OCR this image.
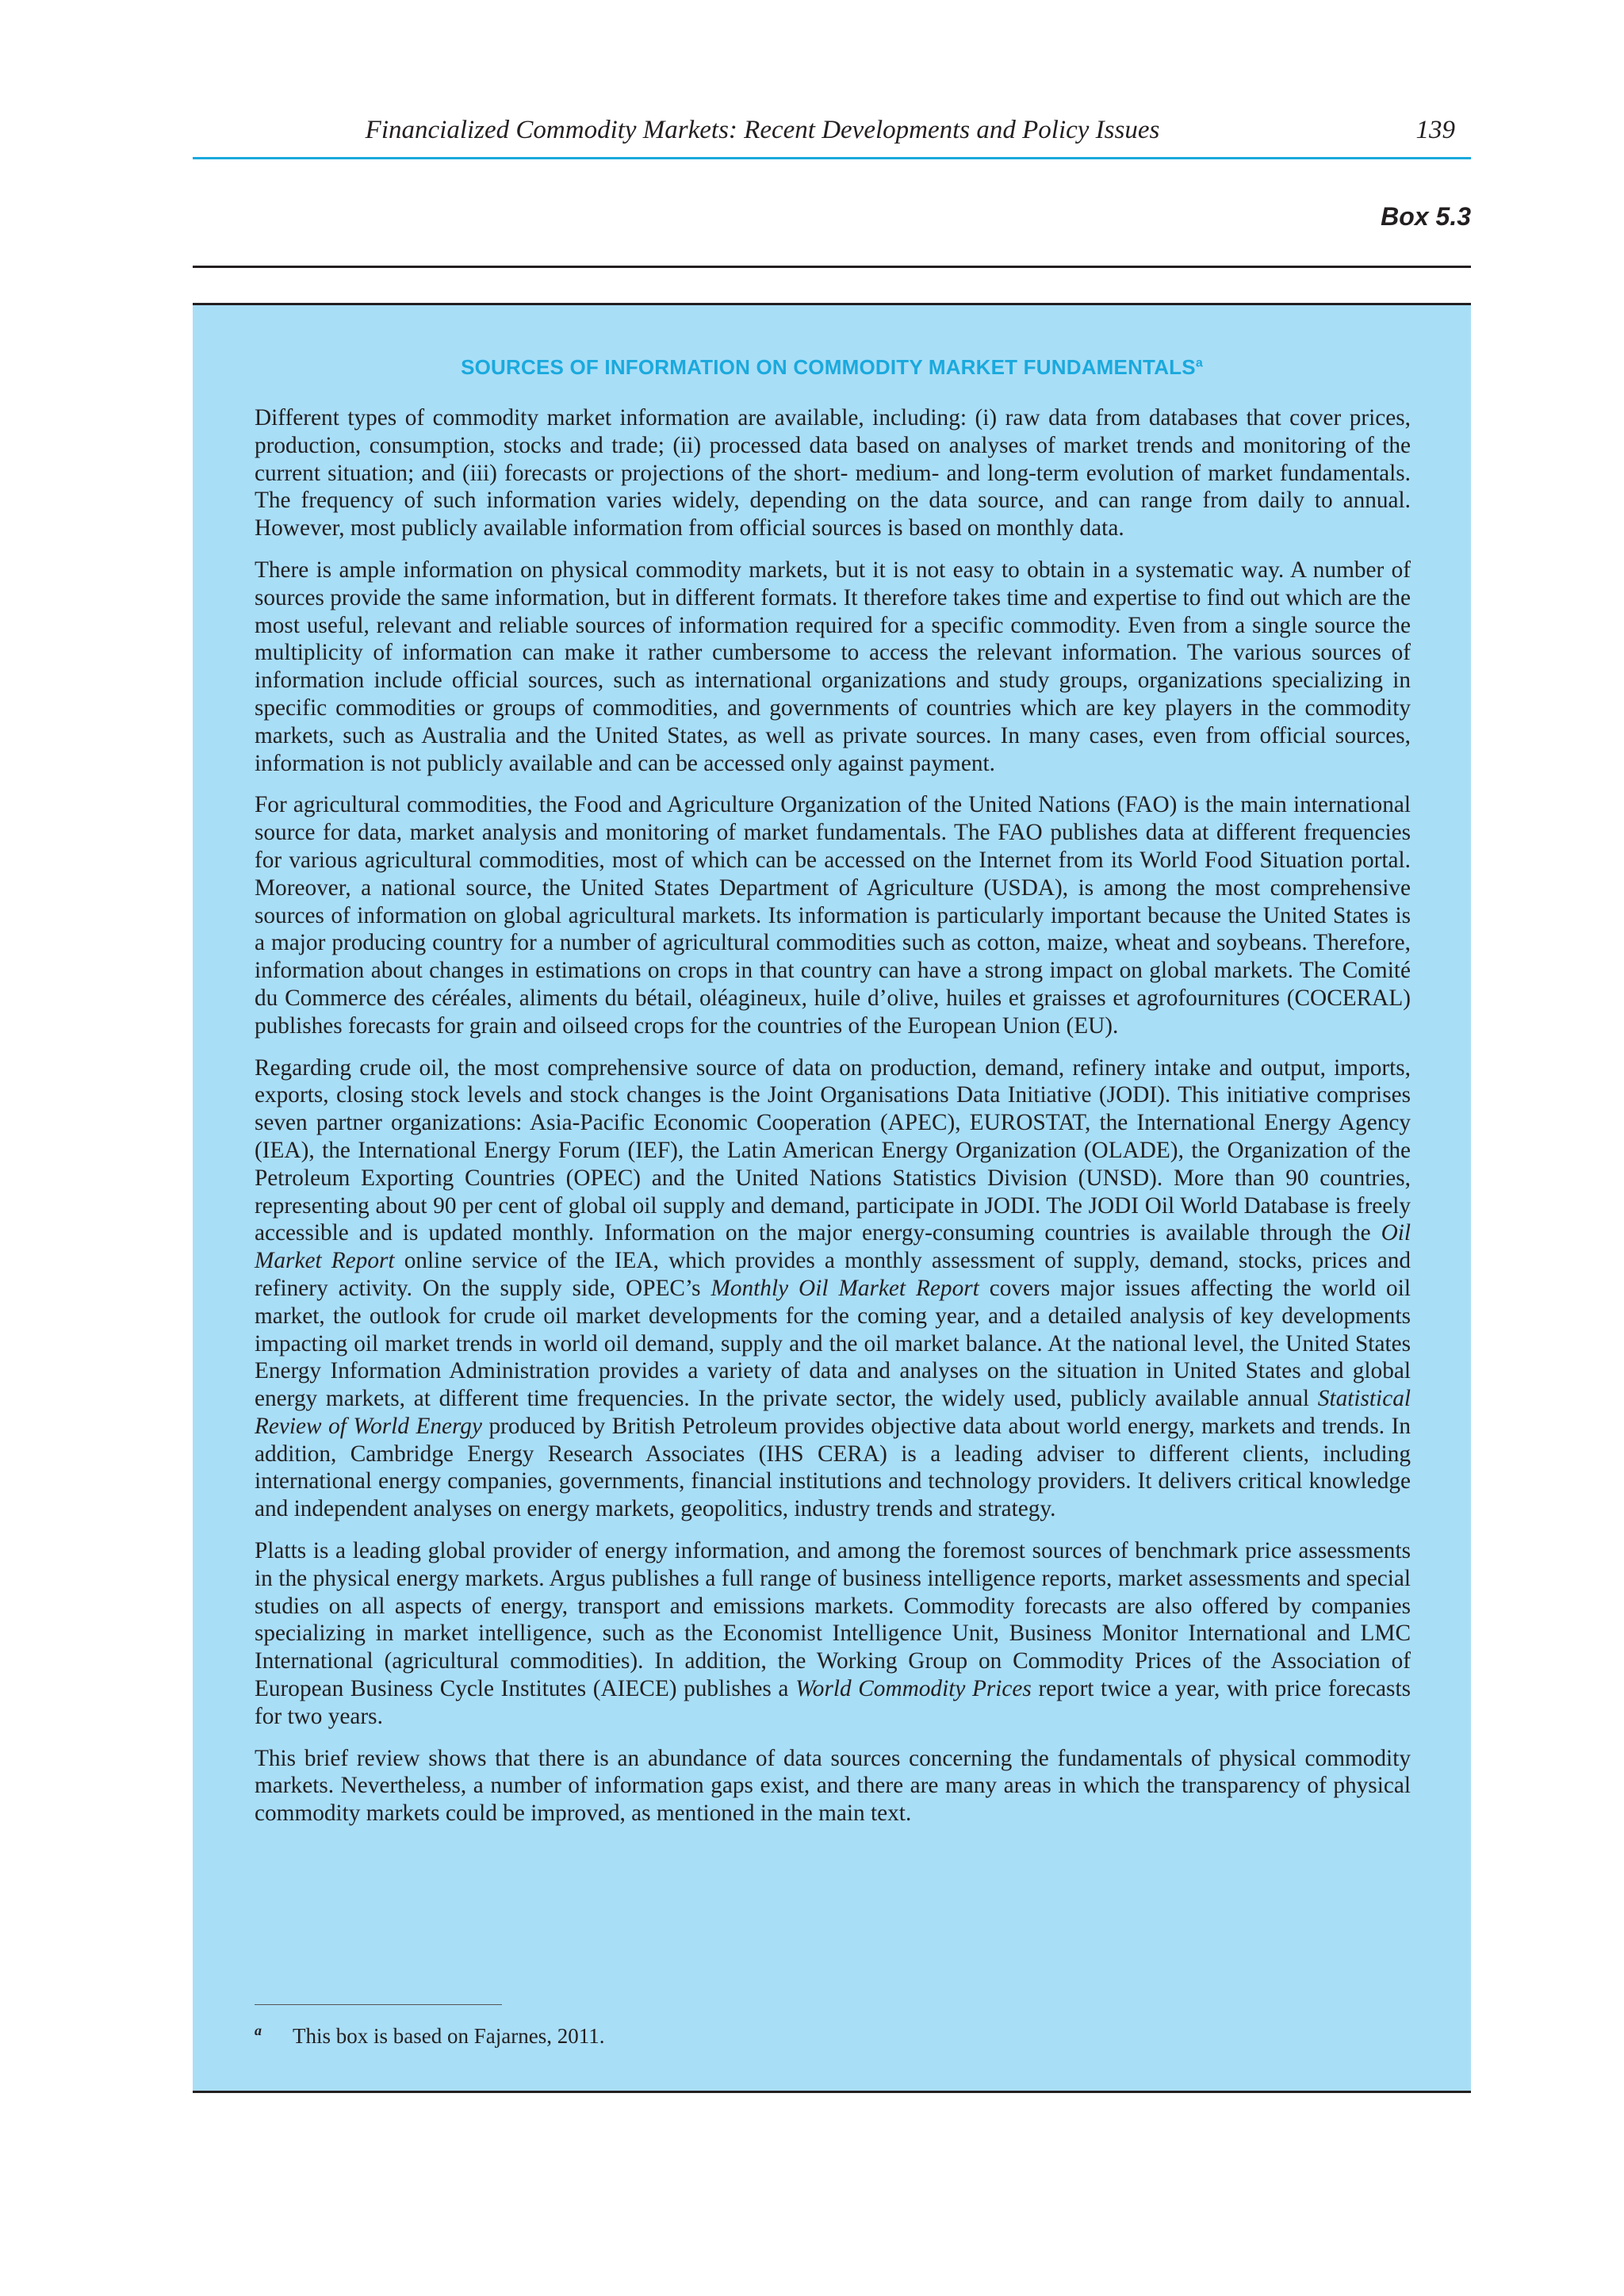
Financialized Commodity Markets: Recent Developments and Policy Issues	139
Box 5.3
SOURCES OF INFORMATION ON COMMODITY MARKET FUNDAMENTALS$^a$

Different types of commodity market information are available, including: (i) raw data from databases that cover prices, production, consumption, stocks and trade; (ii) processed data based on analyses of market trends and monitoring of the current situation; and (iii) forecasts or projections of the short- medium- and long-term evolution of market fundamentals. The frequency of such information varies widely, depending on the data source, and can range from daily to annual. However, most publicly available information from official sources is based on monthly data.

There is ample information on physical commodity markets, but it is not easy to obtain in a systematic way. A number of sources provide the same information, but in different formats. It therefore takes time and expertise to find out which are the most useful, relevant and reliable sources of information required for a specific commodity. Even from a single source the multiplicity of information can make it rather cumbersome to access the relevant information. The various sources of information include official sources, such as international organizations and study groups, organizations specializing in specific commodities or groups of commodities, and governments of countries which are key players in the commodity markets, such as Australia and the United States, as well as private sources. In many cases, even from official sources, information is not publicly available and can be accessed only against payment.

For agricultural commodities, the Food and Agriculture Organization of the United Nations (FAO) is the main international source for data, market analysis and monitoring of market fundamentals. The FAO publishes data at different frequencies for various agricultural commodities, most of which can be accessed on the Internet from its World Food Situation portal. Moreover, a national source, the United States Department of Agriculture (USDA), is among the most comprehensive sources of information on global agricultural markets. Its information is particularly important because the United States is a major producing country for a number of agricultural commodities such as cotton, maize, wheat and soybeans. Therefore, information about changes in estimations on crops in that country can have a strong impact on global markets. The Comité du Commerce des céréales, aliments du bétail, oléagineux, huile d’olive, huiles et graisses et agrofournitures (COCERAL) publishes forecasts for grain and oilseed crops for the countries of the European Union (EU).

Regarding crude oil, the most comprehensive source of data on production, demand, refinery intake and output, imports, exports, closing stock levels and stock changes is the Joint Organisations Data Initiative (JODI). This initiative comprises seven partner organizations: Asia-Pacific Economic Cooperation (APEC), EUROSTAT, the International Energy Agency (IEA), the International Energy Forum (IEF), the Latin American Energy Organization (OLADE), the Organization of the Petroleum Exporting Countries (OPEC) and the United Nations Statistics Division (UNSD). More than 90 countries, representing about 90 per cent of global oil supply and demand, participate in JODI. The JODI Oil World Database is freely accessible and is updated monthly. Information on the major energy-consuming countries is available through the Oil Market Report online service of the IEA, which provides a monthly assessment of supply, demand, stocks, prices and refinery activity. On the supply side, OPEC’s Monthly Oil Market Report covers major issues affecting the world oil market, the outlook for crude oil market developments for the coming year, and a detailed analysis of key developments impacting oil market trends in world oil demand, supply and the oil market balance. At the national level, the United States Energy Information Administration provides a variety of data and analyses on the situation in United States and global energy markets, at different time frequencies. In the private sector, the widely used, publicly available annual Statistical Review of World Energy produced by British Petroleum provides objective data about world energy, markets and trends. In addition, Cambridge Energy Research Associates (IHS CERA) is a leading adviser to different clients, including international energy companies, governments, financial institutions and technology providers. It delivers critical knowledge and independent analyses on energy markets, geopolitics, industry trends and strategy.

Platts is a leading global provider of energy information, and among the foremost sources of benchmark price assessments in the physical energy markets. Argus publishes a full range of business intelligence reports, market assessments and special studies on all aspects of energy, transport and emissions markets. Commodity forecasts are also offered by companies specializing in market intelligence, such as the Economist Intelligence Unit, Business Monitor International and LMC International (agricultural commodities). In addition, the Working Group on Commodity Prices of the Association of European Business Cycle Institutes (AIECE) publishes a World Commodity Prices report twice a year, with price forecasts for two years.

This brief review shows that there is an abundance of data sources concerning the fundamentals of physical commodity markets. Nevertheless, a number of information gaps exist, and there are many areas in which the transparency of physical commodity markets could be improved, as mentioned in the main text.

a This box is based on Fajarnes, 2011.
